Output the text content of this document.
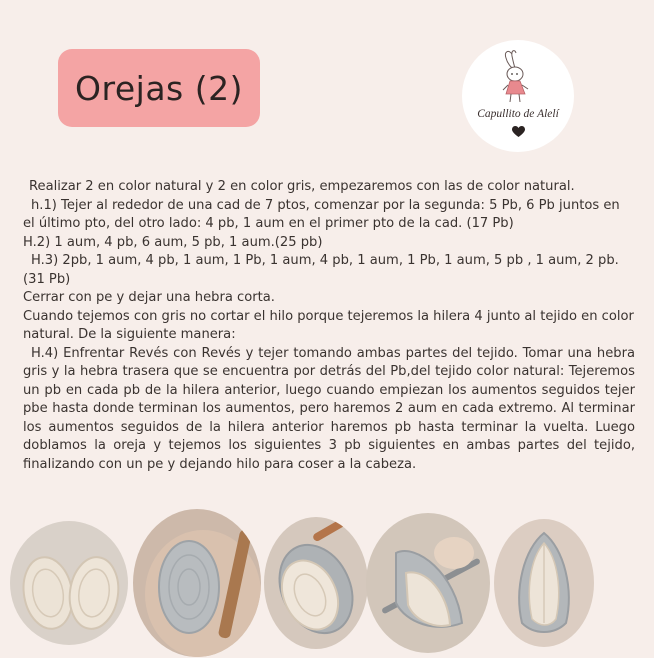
Orejas (2)
Capullito de Alelí

Realizar 2 en color natural y 2 en color gris, empezaremos con las de color natural.

h.1) Tejer al rededor de una cad de 7 ptos, comenzar por la segunda: 5 Pb, 6 Pb juntos en el último pto, del otro lado: 4 pb, 1 aum en el primer pto de la cad. (17 Pb)

H.2) 1 aum, 4 pb, 6 aum, 5 pb, 1 aum.(25 pb)

H.3) 2pb, 1 aum, 4 pb, 1 aum, 1 Pb, 1 aum, 4 pb, 1 aum, 1 Pb, 1 aum, 5 pb , 1 aum, 2 pb. (31 Pb)

Cerrar con pe y dejar una hebra corta.

Cuando tejemos con gris no cortar el hilo porque tejeremos la hilera 4 junto al tejido en color natural. De la siguiente manera:

H.4) Enfrentar Revés con Revés y tejer tomando ambas partes del tejido. Tomar una hebra gris y la hebra trasera que se encuentra por detrás del Pb,del tejido color natural: Tejeremos un pb en cada pb de la hilera anterior, luego cuando empiezan los aumentos seguidos tejer pbe hasta donde terminan los aumentos, pero haremos 2 aum en cada extremo. Al terminar los aumentos seguidos de la hilera anterior haremos pb hasta terminar la vuelta. Luego doblamos la oreja y tejemos los siguientes 3 pb siguientes en ambas partes del tejido, finalizando con un pe y dejando hilo para coser a la cabeza.
